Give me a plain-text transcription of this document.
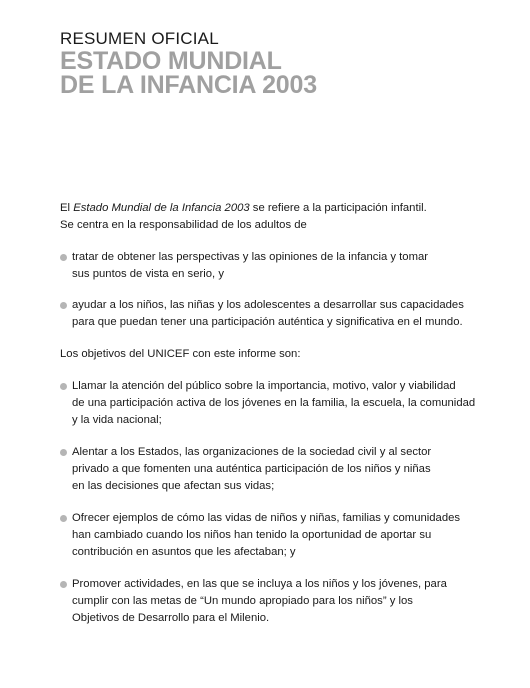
RESUMEN OFICIAL
ESTADO MUNDIAL
DE LA INFANCIA 2003

El Estado Mundial de la Infancia 2003 se refiere a la participación infantil.
Se centra en la responsabilidad de los adultos de

tratar de obtener las perspectivas y las opiniones de la infancia y tomar
sus puntos de vista en serio, y
ayudar a los niños, las niñas y los adolescentes a desarrollar sus capacidades
para que puedan tener una participación auténtica y significativa en el mundo.

Los objetivos del UNICEF con este informe son:

Llamar la atención del público sobre la importancia, motivo, valor y viabilidad
de una participación activa de los jóvenes en la familia, la escuela, la comunidad
y la vida nacional;
Alentar a los Estados, las organizaciones de la sociedad civil y al sector
privado a que fomenten una auténtica participación de los niños y niñas
en las decisiones que afectan sus vidas;
Ofrecer ejemplos de cómo las vidas de niños y niñas, familias y comunidades
han cambiado cuando los niños han tenido la oportunidad de aportar su
contribución en asuntos que les afectaban; y
Promover actividades, en las que se incluya a los niños y los jóvenes, para
cumplir con las metas de “Un mundo apropiado para los niños” y los
Objetivos de Desarrollo para el Milenio.
